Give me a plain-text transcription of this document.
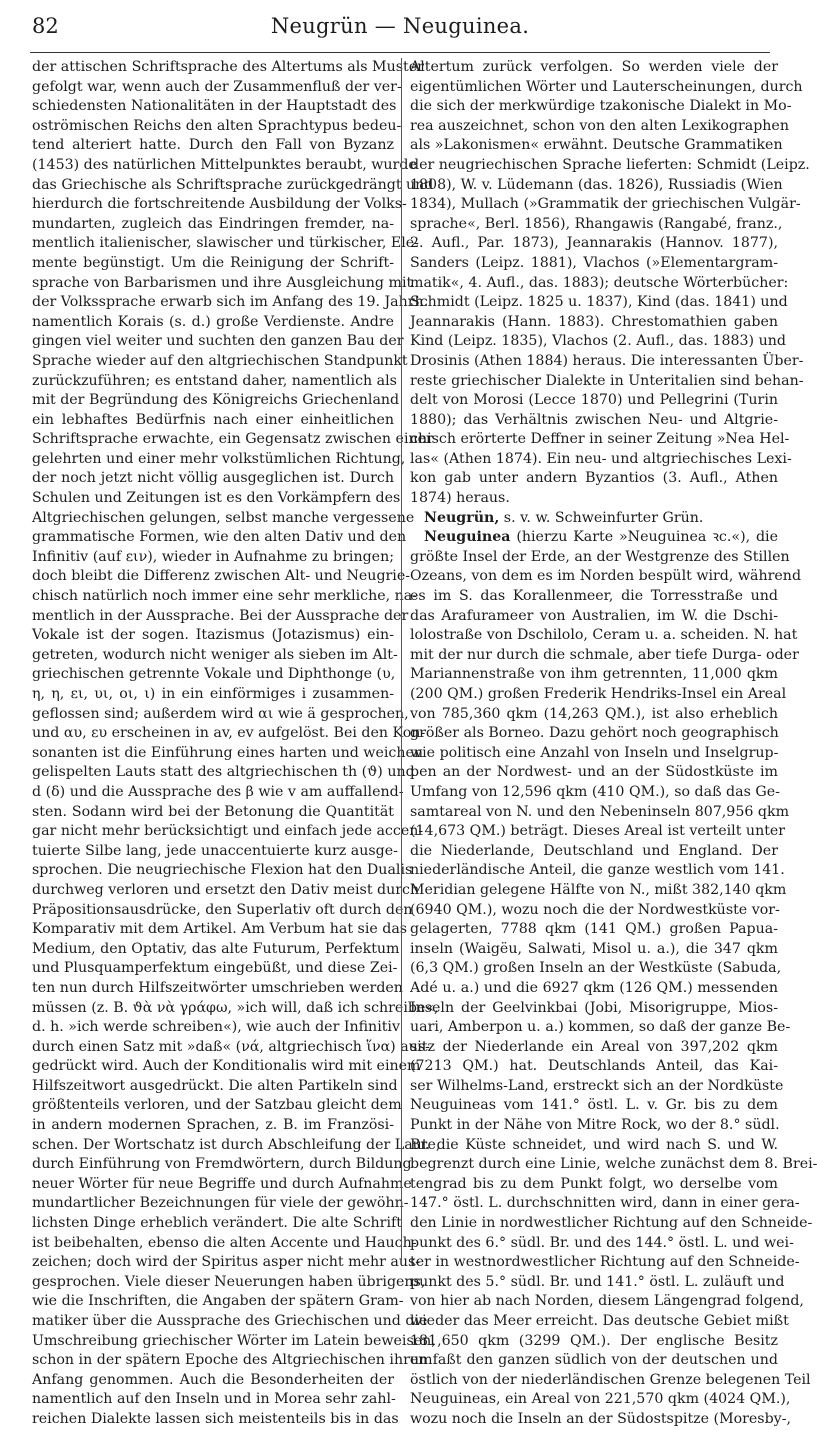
82	Neugrün — Neuguinea.
der attischen Schriftsprache des Altertums als Muster
gefolgt war, wenn auch der Zusammenfluß der ver-
schiedensten Nationalitäten in der Hauptstadt des
oströmischen Reichs den alten Sprachtypus bedeu-
tend alteriert hatte. Durch den Fall von Byzanz
(1453) des natürlichen Mittelpunktes beraubt, wurde
das Griechische als Schriftsprache zurückgedrängt und
hierdurch die fortschreitende Ausbildung der Volks-
mundarten, zugleich das Eindringen fremder, na-
mentlich italienischer, slawischer und türkischer, Ele-
mente begünstigt. Um die Reinigung der Schrift-
sprache von Barbarismen und ihre Ausgleichung mit
der Volkssprache erwarb sich im Anfang des 19. Jahrh.
namentlich Korais (s. d.) große Verdienste. Andre
gingen viel weiter und suchten den ganzen Bau der
Sprache wieder auf den altgriechischen Standpunkt
zurückzuführen; es entstand daher, namentlich als
mit der Begründung des Königreichs Griechenland
ein lebhaftes Bedürfnis nach einer einheitlichen
Schriftsprache erwachte, ein Gegensatz zwischen einer
gelehrten und einer mehr volkstümlichen Richtung,
der noch jetzt nicht völlig ausgeglichen ist. Durch
Schulen und Zeitungen ist es den Vorkämpfern des
Altgriechischen gelungen, selbst manche vergessene
grammatische Formen, wie den alten Dativ und den
Infinitiv (auf ειν), wieder in Aufnahme zu bringen;
doch bleibt die Differenz zwischen Alt- und Neugrie-
chisch natürlich noch immer eine sehr merkliche, na-
mentlich in der Aussprache. Bei der Aussprache der
Vokale ist der sogen. Itazismus (Jotazismus) ein-
getreten, wodurch nicht weniger als sieben im Alt-
griechischen getrennte Vokale und Diphthonge (υ,
η, η, ει, υι, οι, ι) in ein einförmiges i zusammen-
geflossen sind; außerdem wird αι wie ä gesprochen,
und αυ, ευ erscheinen in av, ev aufgelöst. Bei den Kon-
sonanten ist die Einführung eines harten und weichen
gelispelten Lauts statt des altgriechischen th (ϑ) und
d (δ) und die Aussprache des β wie v am auffallend-
sten. Sodann wird bei der Betonung die Quantität
gar nicht mehr berücksichtigt und einfach jede accen-
tuierte Silbe lang, jede unaccentuierte kurz ausge-
sprochen. Die neugriechische Flexion hat den Dualis
durchweg verloren und ersetzt den Dativ meist durch
Präpositionsausdrücke, den Superlativ oft durch den
Komparativ mit dem Artikel. Am Verbum hat sie das
Medium, den Optativ, das alte Futurum, Perfektum
und Plusquamperfektum eingebüßt, und diese Zei-
ten nun durch Hilfszeitwörter umschrieben werden
müssen (z. B. ϑὰ νὰ γράφω, »ich will, daß ich schreibe«,
d. h. »ich werde schreiben«), wie auch der Infinitiv
durch einen Satz mit »daß« (νά, altgriechisch ἵνα) aus-
gedrückt wird. Auch der Konditionalis wird mit einem
Hilfszeitwort ausgedrückt. Die alten Partikeln sind
größtenteils verloren, und der Satzbau gleicht dem
in andern modernen Sprachen, z. B. im Französi-
schen. Der Wortschatz ist durch Abschleifung der Laute,
durch Einführung von Fremdwörtern, durch Bildung
neuer Wörter für neue Begriffe und durch Aufnahme
mundartlicher Bezeichnungen für viele der gewöhn-
lichsten Dinge erheblich verändert. Die alte Schrift
ist beibehalten, ebenso die alten Accente und Hauch-
zeichen; doch wird der Spiritus asper nicht mehr aus-
gesprochen. Viele dieser Neuerungen haben übrigens,
wie die Inschriften, die Angaben der spätern Gram-
matiker über die Aussprache des Griechischen und die
Umschreibung griechischer Wörter im Latein beweisen,
schon in der spätern Epoche des Altgriechischen ihren
Anfang genommen. Auch die Besonderheiten der
namentlich auf den Inseln und in Morea sehr zahl-
reichen Dialekte lassen sich meistenteils bis in das
Altertum zurück verfolgen. So werden viele der
eigentümlichen Wörter und Lauterscheinungen, durch
die sich der merkwürdige tzakonische Dialekt in Mo-
rea auszeichnet, schon von den alten Lexikographen
als »Lakonismen« erwähnt. Deutsche Grammatiken
der neugriechischen Sprache lieferten: Schmidt (Leipz.
1808), W. v. Lüdemann (das. 1826), Russiadis (Wien
1834), Mullach (»Grammatik der griechischen Vulgär-
sprache«, Berl. 1856), Rhangawis (Rangabé, franz.,
2. Aufl., Par. 1873), Jeannarakis (Hannov. 1877),
Sanders (Leipz. 1881), Vlachos (»Elementargram-
matik«, 4. Aufl., das. 1883); deutsche Wörterbücher:
Schmidt (Leipz. 1825 u. 1837), Kind (das. 1841) und
Jeannarakis (Hann. 1883). Chrestomathien gaben
Kind (Leipz. 1835), Vlachos (2. Aufl., das. 1883) und
Drosinis (Athen 1884) heraus. Die interessanten Über-
reste griechischer Dialekte in Unteritalien sind behan-
delt von Morosi (Lecce 1870) und Pellegrini (Turin
1880); das Verhältnis zwischen Neu- und Altgrie-
chisch erörterte Deffner in seiner Zeitung »Nea Hel-
las« (Athen 1874). Ein neu- und altgriechisches Lexi-
kon gab unter andern Byzantios (3. Aufl., Athen
1874) heraus.
Neugrün, s. v. w. Schweinfurter Grün.
Neuguinea (hierzu Karte »Neuguinea ꝛc.«), die
größte Insel der Erde, an der Westgrenze des Stillen
Ozeans, von dem es im Norden bespült wird, während
es im S. das Korallenmeer, die Torresstraße und
das Arafurameer von Australien, im W. die Dschi-
lolostraße von Dschilolo, Ceram u. a. scheiden. N. hat
mit der nur durch die schmale, aber tiefe Durga- oder
Mariannenstraße von ihm getrennten, 11,000 qkm
(200 QM.) großen Frederik Hendriks-Insel ein Areal
von 785,360 qkm (14,263 QM.), ist also erheblich
größer als Borneo. Dazu gehört noch geographisch
wie politisch eine Anzahl von Inseln und Inselgrup-
pen an der Nordwest- und an der Südostküste im
Umfang von 12,596 qkm (410 QM.), so daß das Ge-
samtareal von N. und den Nebeninseln 807,956 qkm
(14,673 QM.) beträgt. Dieses Areal ist verteilt unter
die Niederlande, Deutschland und England. Der
niederländische Anteil, die ganze westlich vom 141.
Meridian gelegene Hälfte von N., mißt 382,140 qkm
(6940 QM.), wozu noch die der Nordwestküste vor-
gelagerten, 7788 qkm (141 QM.) großen Papua-
inseln (Waigëu, Salwati, Misol u. a.), die 347 qkm
(6,3 QM.) großen Inseln an der Westküste (Sabuda,
Adé u. a.) und die 6927 qkm (126 QM.) messenden
Inseln der Geelvinkbai (Jobi, Misorigruppe, Mios-
uari, Amberpon u. a.) kommen, so daß der ganze Be-
sitz der Niederlande ein Areal von 397,202 qkm
(7213 QM.) hat. Deutschlands Anteil, das Kai-
ser Wilhelms-Land, erstreckt sich an der Nordküste
Neuguineas vom 141.° östl. L. v. Gr. bis zu dem
Punkt in der Nähe von Mitre Rock, wo der 8.° südl.
Br. die Küste schneidet, und wird nach S. und W.
begrenzt durch eine Linie, welche zunächst dem 8. Brei-
tengrad bis zu dem Punkt folgt, wo derselbe vom
147.° östl. L. durchschnitten wird, dann in einer gera-
den Linie in nordwestlicher Richtung auf den Schneide-
punkt des 6.° südl. Br. und des 144.° östl. L. und wei-
ter in westnordwestlicher Richtung auf den Schneide-
punkt des 5.° südl. Br. und 141.° östl. L. zuläuft und
von hier ab nach Norden, diesem Längengrad folgend,
wieder das Meer erreicht. Das deutsche Gebiet mißt
181,650 qkm (3299 QM.). Der englische Besitz
umfaßt den ganzen südlich von der deutschen und
östlich von der niederländischen Grenze belegenen Teil
Neuguineas, ein Areal von 221,570 qkm (4024 QM.),
wozu noch die Inseln an der Südostspitze (Moresby-,
